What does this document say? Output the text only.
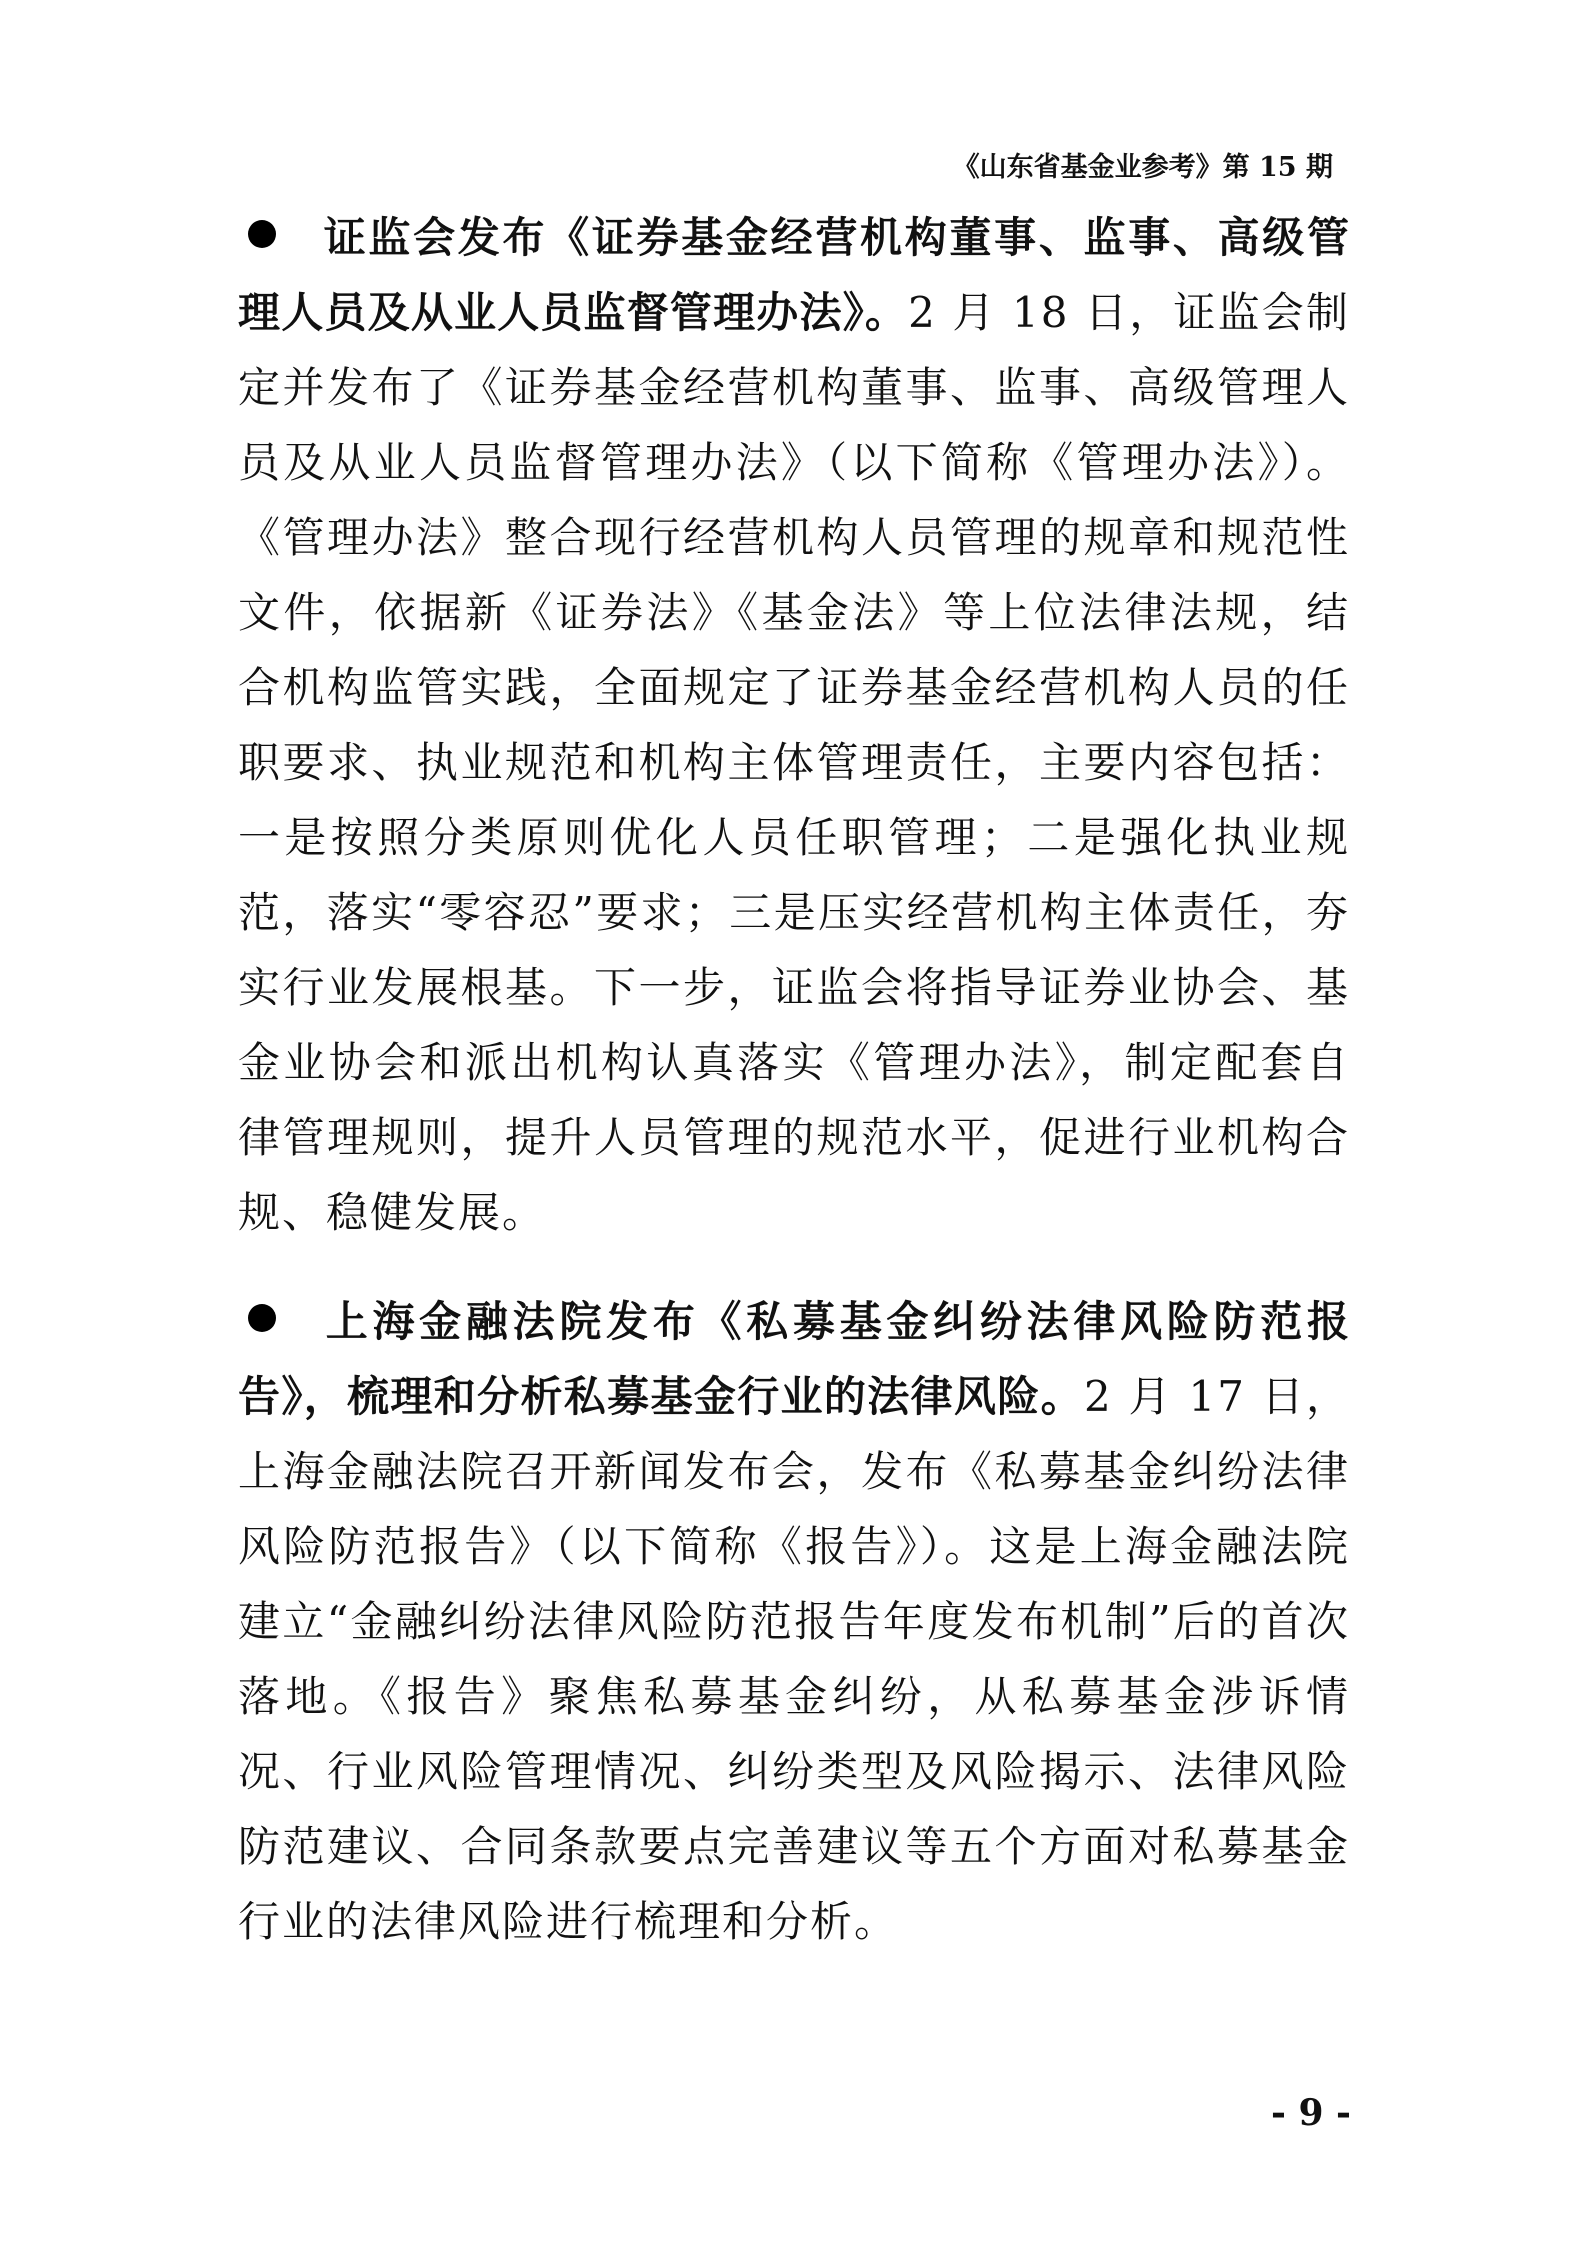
《山东省基金业参考》第 15 期

证监会发布《证券基金经营机构董事、监事、高级管理人员及从业人员监督管理办法》。2 月 18 日，证监会制定并发布了《证券基金经营机构董事、监事、高级管理人员及从业人员监督管理办法》（以下简称《管理办法》）。《管理办法》整合现行经营机构人员管理的规章和规范性文件，依据新《证券法》《基金法》等上位法律法规，结合机构监管实践，全面规定了证券基金经营机构人员的任职要求、执业规范和机构主体管理责任，主要内容包括：一是按照分类原则优化人员任职管理；二是强化执业规范，落实“零容忍”要求；三是压实经营机构主体责任，夯实行业发展根基。下一步，证监会将指导证券业协会、基金业协会和派出机构认真落实《管理办法》，制定配套自律管理规则，提升人员管理的规范水平，促进行业机构合规、稳健发展。

上海金融法院发布《私募基金纠纷法律风险防范报告》，梳理和分析私募基金行业的法律风险。2 月 17 日，上海金融法院召开新闻发布会，发布《私募基金纠纷法律风险防范报告》（以下简称《报告》）。这是上海金融法院建立“金融纠纷法律风险防范报告年度发布机制”后的首次落地。《报告》聚焦私募基金纠纷，从私募基金涉诉情况、行业风险管理情况、纠纷类型及风险揭示、法律风险防范建议、合同条款要点完善建议等五个方面对私募基金行业的法律风险进行梳理和分析。

- 9 -
